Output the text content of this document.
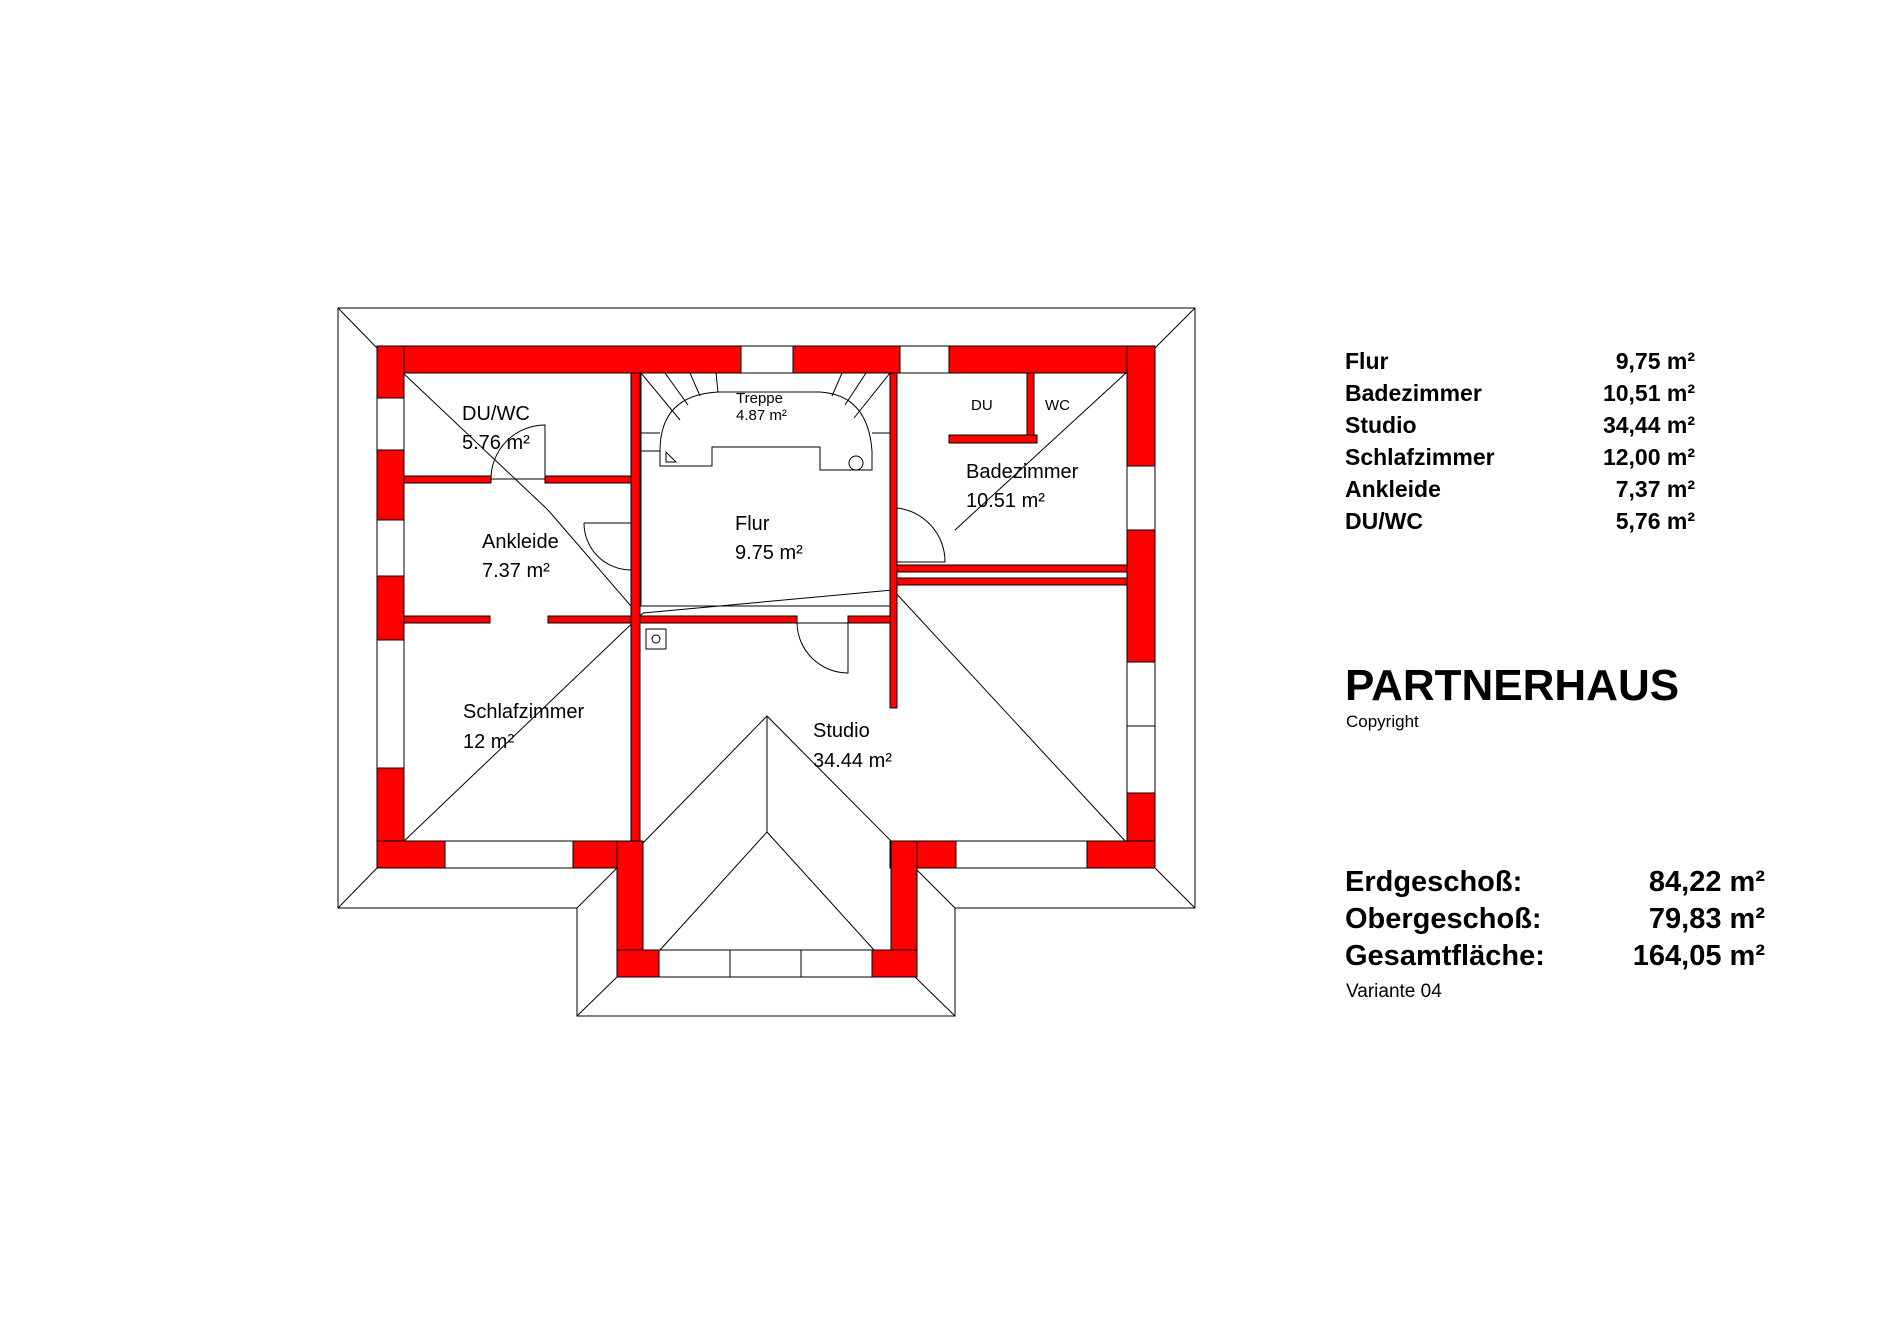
DU/WC
5.76 m²
Treppe
4.87 m²
Flur
9.75 m²
Badezimmer
10.51 m²
Ankleide
7.37 m²
Schlafzimmer
12 m²	Studio
34.44 m²
DU	WC
Flur	9,75 m²
Badezimmer	10,51 m²
Studio	34,44 m²
Schlafzimmer	12,00 m²
Ankleide	7,37 m²
DU/WC	5,76 m²
PARTNERHAUS
Copyright
Erdgeschoß:	84,22 m²
Obergeschoß:	79,83 m²
Gesamtfläche:	164,05 m²
Variante 04
